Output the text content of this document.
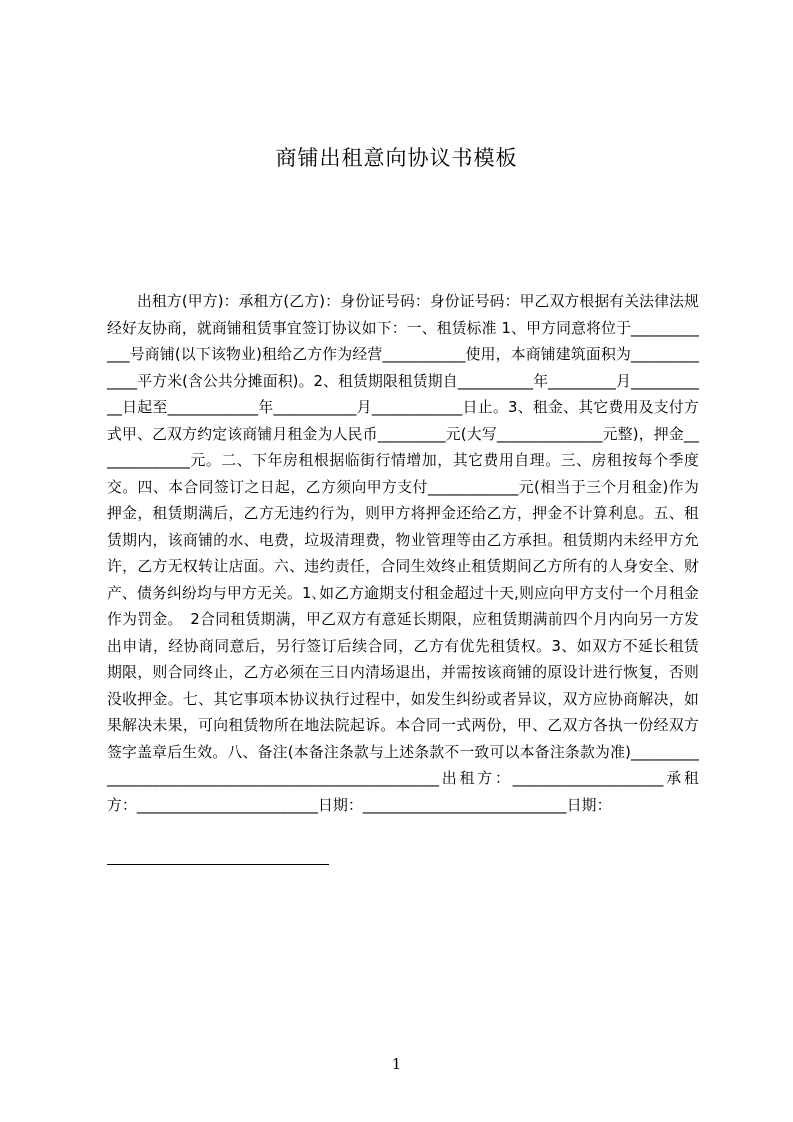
商铺出租意向协议书模板

出租方(甲方)：承租方(乙方)：身份证号码：身份证号码：甲乙双方根据有关法律法规经好友协商，就商铺租赁事宜签订协议如下：一、租赁标准 1、甲方同意将位于____________号商铺(以下该物业)租给乙方作为经营___________使用，本商铺建筑面积为_____________平方米(含公共分摊面积)。2、租赁期限租赁期自__________年_________月___________日起至____________年___________月____________日止。3、租金、其它费用及支付方式甲、乙双方约定该商铺月租金为人民币_________元(大写______________元整)，押金_____________元。二、下年房租根据临街行情增加，其它费用自理。三、房租按每个季度交。四、本合同签订之日起，乙方须向甲方支付____________元(相当于三个月租金)作为押金，租赁期满后，乙方无违约行为，则甲方将押金还给乙方，押金不计算利息。五、租赁期内，该商铺的水、电费，垃圾清理费，物业管理等由乙方承担。租赁期内未经甲方允许，乙方无权转让店面。六、违约责任，合同生效终止租赁期间乙方所有的人身安全、财产、债务纠纷均与甲方无关。1､如乙方逾期支付租金超过十天,则应向甲方支付一个月租金作为罚金。　2合同租赁期满，甲乙双方有意延长期限，应租赁期满前四个月内向另一方发出申请，经协商同意后，另行签订后续合同，乙方有优先租赁权。3、如双方不延长租赁期限，则合同终止，乙方必须在三日内清场退出，并需按该商铺的原设计进行恢复，否则没收押金。七、其它事项本协议执行过程中，如发生纠纷或者异议，双方应协商解决，如果解决未果，可向租赁物所在地法院起诉。本合同一式两份，甲、乙双方各执一份经双方签字盖章后生效。八、备注(本备注条款与上述条款不一致可以本备注条款为准)_____________________________________________________出租方：____________________承租方：________________________日期：___________________________日期：

1
